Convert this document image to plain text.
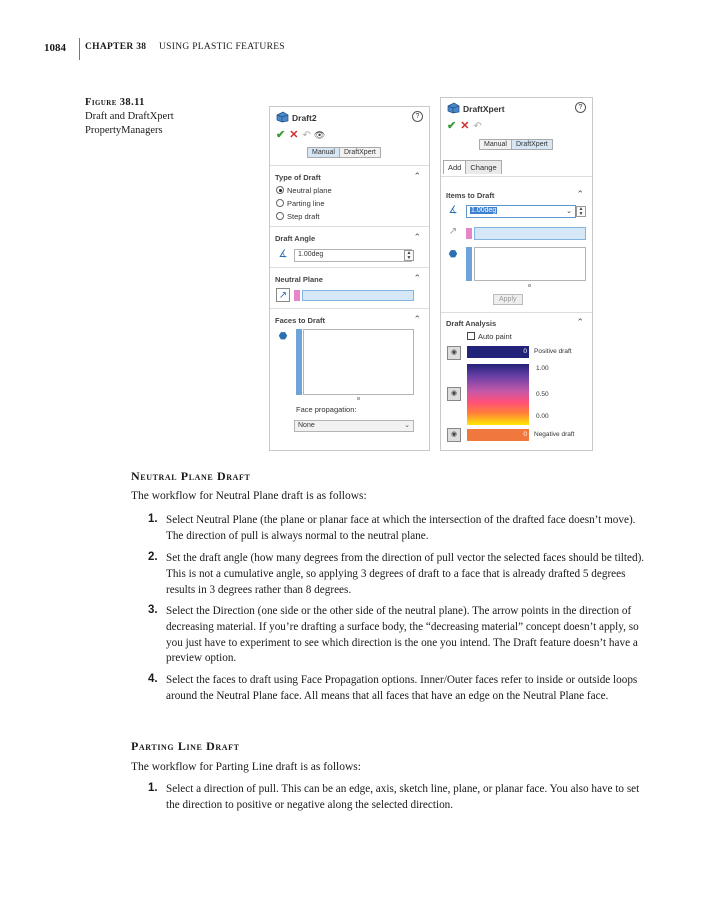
1084 CHAPTER 38 USING PLASTIC FEATURES
Figure 38.11
Draft and DraftXpert
PropertyManagers
Draft2	?
✔ ✕ ↶ 👁
Manual	DraftXpert
Type of Draft	⌃
Neutral plane
Parting line
Step draft
Draft Angle	⌃
∡	1.00deg	▲
▼
Neutral Plane	⌃
↗
Faces to Draft	⌃
⬣
Face propagation:
None	⌄
DraftXpert	?
✔ ✕ ↶
Manual	DraftXpert
Add	Change
Items to Draft	⌃
∡	1.00deg	⌄	▲
▼
↗
⬣
Apply
Draft Analysis	⌃
Auto paint
◉	0	Positive draft
1.00
◉	0.50
0.00
◉	0	Negative draft
Neutral Plane Draft
The workflow for Neutral Plane draft is as follows:
1. Select Neutral Plane (the plane or planar face at which the intersection of the drafted face doesn’t move). The direction of pull is always normal to the neutral plane.
2. Set the draft angle (how many degrees from the direction of pull vector the selected faces should be tilted). This is not a cumulative angle, so applying 3 degrees of draft to a face that is already drafted 5 degrees results in 3 degrees rather than 8 degrees.
3. Select the Direction (one side or the other side of the neutral plane). The arrow points in the direction of decreasing material. If you’re drafting a surface body, the “decreasing material” concept doesn’t apply, so you just have to experiment to see which direction is the one you intend. The Draft feature doesn’t have a preview option.
4. Select the faces to draft using Face Propagation options. Inner/Outer faces refer to inside or outside loops around the Neutral Plane face. All means that all faces that have an edge on the Neutral Plane face.
Parting Line Draft
The workflow for Parting Line draft is as follows:
1. Select a direction of pull. This can be an edge, axis, sketch line, plane, or planar face. You also have to set the direction to positive or negative along the selected direction.
